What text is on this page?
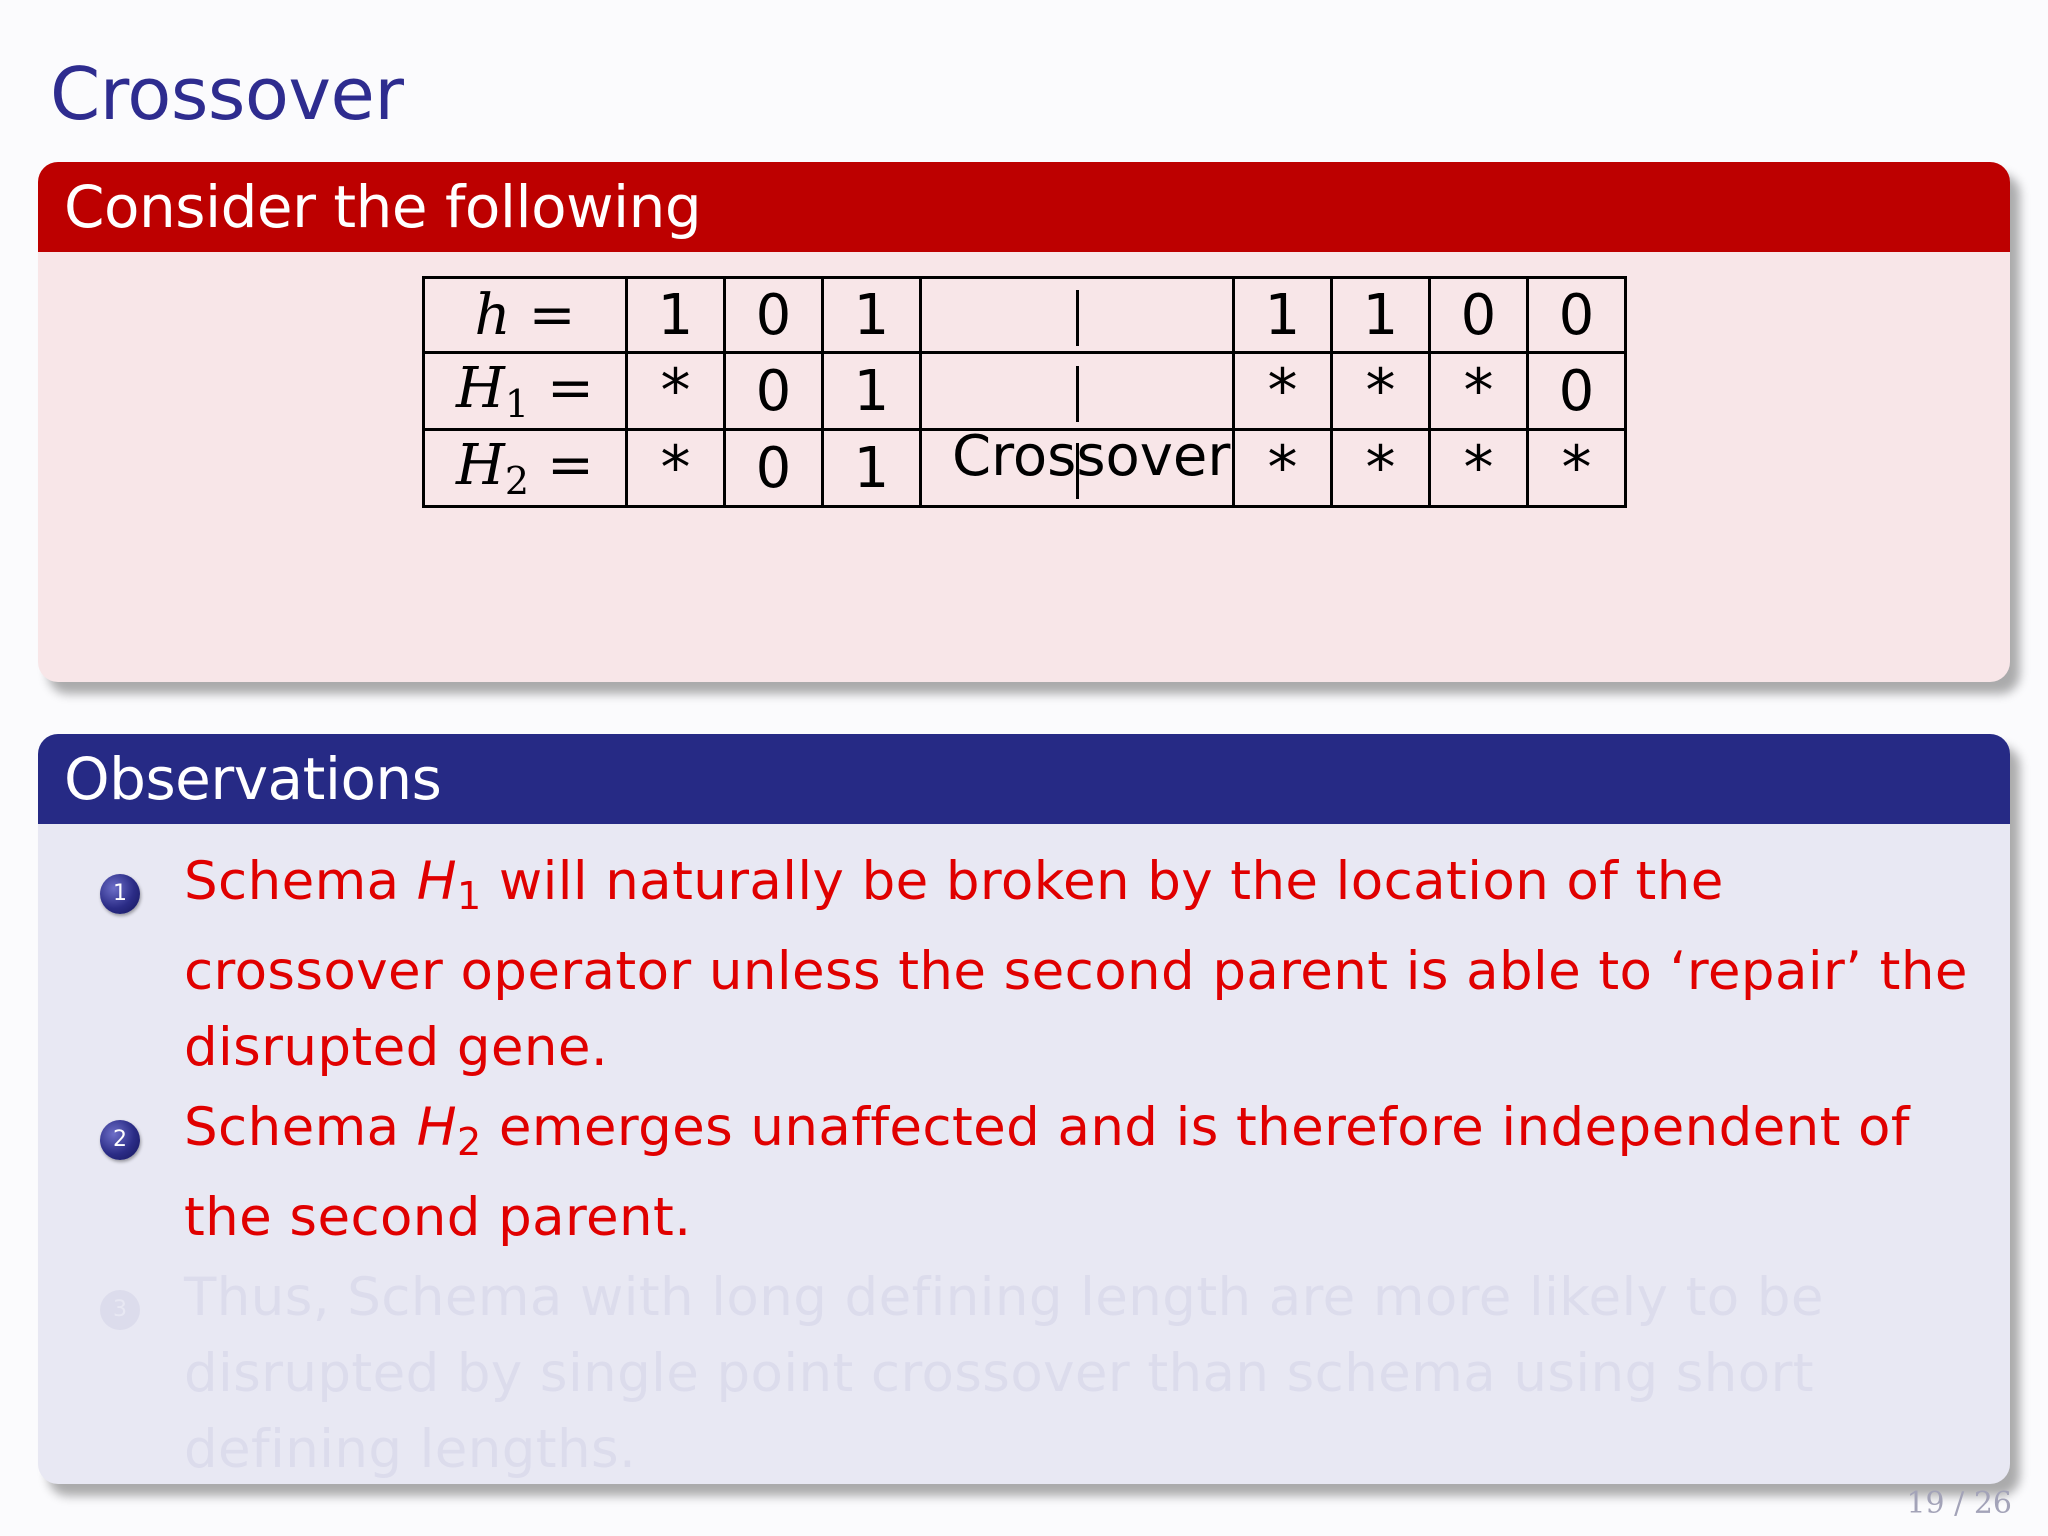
Crossover
Consider the following
h =	1	0	1		1	1	0	0
$H_1$ =	*	0	1		*	*	*	0
$H_2$ =	*	0	1		*	*	*	*
Crossover
Observations
1 Schema $H_1$ will naturally be broken by the location of the crossover operator unless the second parent is able to ‘repair’ the disrupted gene.
2 Schema $H_2$ emerges unaffected and is therefore independent of the second parent.
3 Thus, Schema with long defining length are more likely to be disrupted by single point crossover than schema using short defining lengths.
19 / 26
